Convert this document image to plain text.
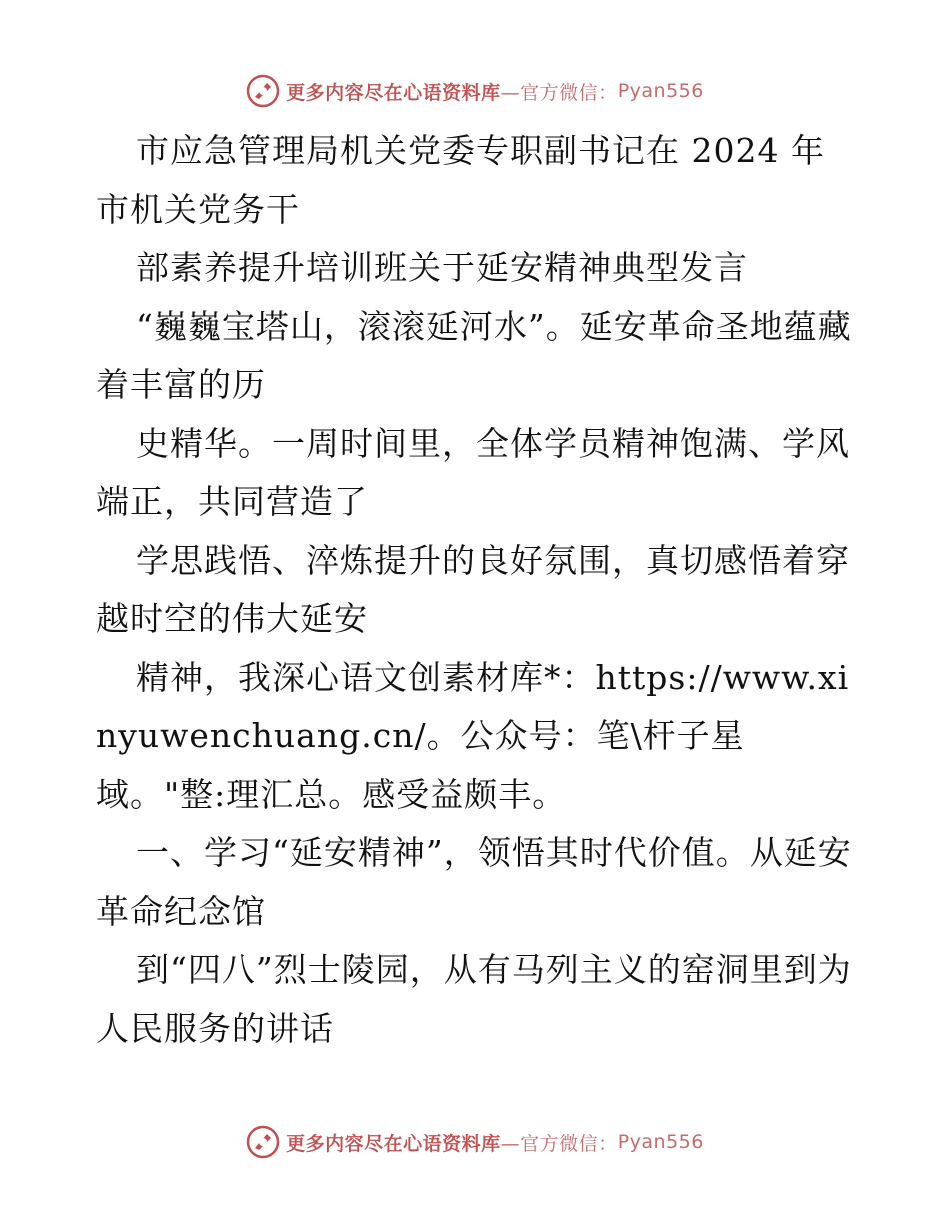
更多内容尽在心语资料库 —官方微信： Pyan556

市应急管理局机关党委专职副书记在 2024 年市机关党务干

部素养提升培训班关于延安精神典型发言

“巍巍宝塔山，滚滚延河水”。延安革命圣地蕴藏着丰富的历

史精华。一周时间里，全体学员精神饱满、学风端正，共同营造了

学思践悟、淬炼提升的良好氛围，真切感悟着穿越时空的伟大延安

精神，我深心语文创素材库*：https://www.xinyuwenchuang.cn/。公众号：笔\杆子星域。"整:理汇总。感受益颇丰。

一、学习“延安精神”，领悟其时代价值。从延安革命纪念馆

到“四八”烈士陵园，从有马列主义的窑洞里到为人民服务的讲话

更多内容尽在心语资料库 —官方微信： Pyan556
